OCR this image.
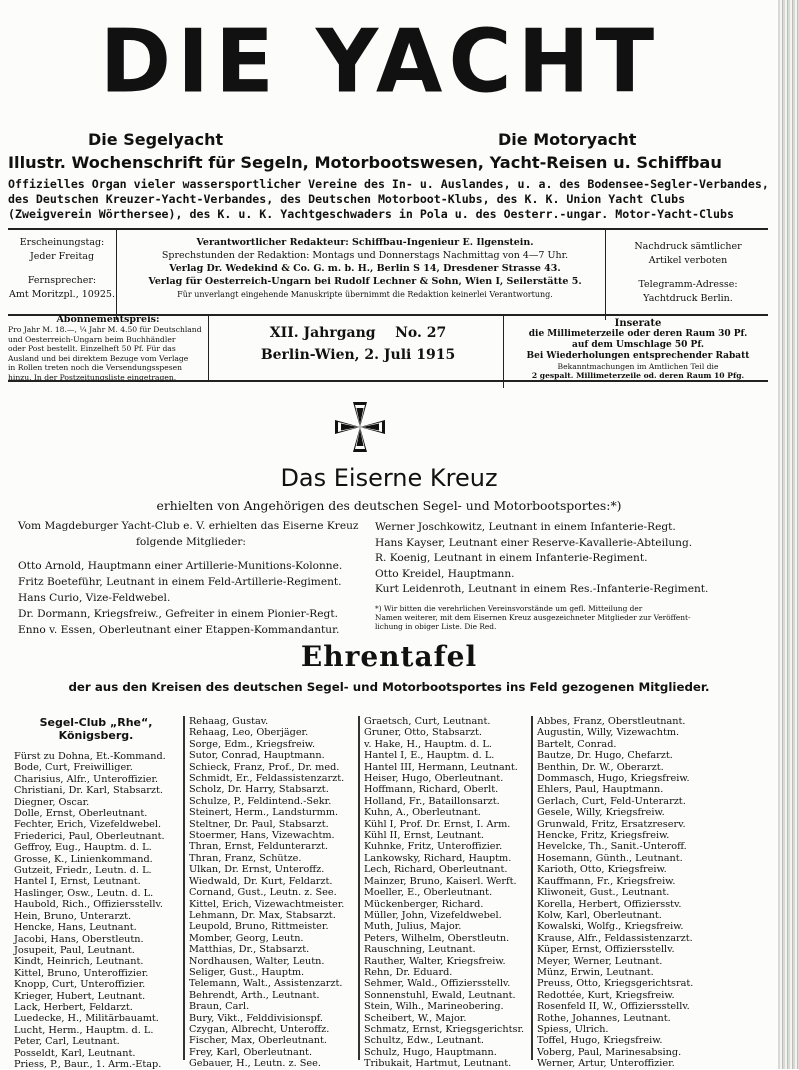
DIE YACHT
Die Segelyacht	Die Motoryacht
Illustr. Wochenschrift für Segeln, Motorbootswesen, Yacht-Reisen u. Schiffbau
Offizielles Organ vieler wassersportlicher Vereine des In- u. Auslandes, u. a. des Bodensee-Segler-Verbandes,
des Deutschen Kreuzer-Yacht-Verbandes, des Deutschen Motorboot-Klubs, des K. K. Union Yacht Clubs
(Zweigverein Wörthersee), des K. u. K. Yachtgeschwaders in Pola u. des Oesterr.-ungar. Motor-Yacht-Clubs
Erscheinungstag:
Jeder Freitag
Fernsprecher:
Amt Moritzpl., 10925.
Verantwortlicher Redakteur: Schiffbau-Ingenieur E. Ilgenstein.
Sprechstunden der Redaktion: Montags und Donnerstags Nachmittag von 4—7 Uhr.
Verlag Dr. Wedekind & Co. G. m. b. H., Berlin S 14, Dresdener Strasse 43.
Verlag für Oesterreich-Ungarn bei Rudolf Lechner & Sohn, Wien I, Seilerstätte 5.
Für unverlangt eingehende Manuskripte übernimmt die Redaktion keinerlei Verantwortung.
Nachdruck sämtlicher
Artikel verboten
Telegramm-Adresse:
Yachtdruck Berlin.
Abonnementspreis:
Pro Jahr M. 18.—, ¼ Jahr M. 4.50 für Deutschland
und Oesterreich-Ungarn beim Buchhändler
oder Post bestellt. Einzelheft 50 Pf. Für das
Ausland und bei direktem Bezuge vom Verlage
in Rollen treten noch die Versendungsspesen
hinzu. In der Postzeitungsliste eingetragen.
XII. Jahrgang No. 27
Berlin-Wien, 2. Juli 1915
Inserate
die Millimeterzeile oder deren Raum 30 Pf.
auf dem Umschlage 50 Pf.
Bei Wiederholungen entsprechender Rabatt
Bekanntmachungen im Amtlichen Teil die
2 gespalt. Millimeterzeile od. deren Raum 10 Pfg.
Das Eiserne Kreuz
erhielten von Angehörigen des deutschen Segel- und Motorbootsportes:*)
Vom Magdeburger Yacht-Club e. V. erhielten das Eiserne Kreuz
folgende Mitglieder:
Otto Arnold, Hauptmann einer Artillerie-Munitions-Kolonne.
Fritz Boeteführ, Leutnant in einem Feld-Artillerie-Regiment.
Hans Curio, Vize-Feldwebel.
Dr. Dormann, Kriegsfreiw., Gefreiter in einem Pionier-Regt.
Enno v. Essen, Oberleutnant einer Etappen-Kommandantur.
Werner Joschkowitz, Leutnant in einem Infanterie-Regt.
Hans Kayser, Leutnant einer Reserve-Kavallerie-Abteilung.
R. Koenig, Leutnant in einem Infanterie-Regiment.
Otto Kreidel, Hauptmann.
Kurt Leidenroth, Leutnant in einem Res.-Infanterie-Regiment.
*) Wir bitten die verehrlichen Vereinsvorstände um gefl. Mitteilung der
Namen weiterer, mit dem Eisernen Kreuz ausgezeichneter Mitglieder zur Veröffent-
lichung in obiger Liste. Die Red.
Ehrentafel
der aus den Kreisen des deutschen Segel- und Motorbootsportes ins Feld gezogenen Mitglieder.
Segel-Club „Rhe“,
Königsberg.
Fürst zu Dohna, Et.-Kommand.
Bode, Curt, Freiwilliger.
Charisius, Alfr., Unteroffizier.
Christiani, Dr. Karl, Stabsarzt.
Diegner, Oscar.
Dolle, Ernst, Oberleutnant.
Fechter, Erich, Vizefeldwebel.
Friederici, Paul, Oberleutnant.
Geffroy, Eug., Hauptm. d. L.
Grosse, K., Linienkommand.
Gutzeit, Friedr., Leutn. d. L.
Hantel I, Ernst, Leutnant.
Haslinger, Osw., Leutn. d. L.
Haubold, Rich., Offiziersstellv.
Hein, Bruno, Unterarzt.
Hencke, Hans, Leutnant.
Jacobi, Hans, Oberstleutn.
Josupeit, Paul, Leutnant.
Kindt, Heinrich, Leutnant.
Kittel, Bruno, Unteroffizier.
Knopp, Curt, Unteroffizier.
Krieger, Hubert, Leutnant.
Lack, Herbert, Feldarzt.
Luedecke, H., Militärbauamt.
Lucht, Herm., Hauptm. d. L.
Peter, Carl, Leutnant.
Posseldt, Karl, Leutnant.
Priess, P., Baur., 1. Arm.-Etap.
Rehaag, Gustav.
Rehaag, Leo, Oberjäger.
Sorge, Edm., Kriegsfreiw.
Sutor, Conrad, Hauptmann.
Schieck, Franz, Prof., Dr. med.
Schmidt, Er., Feldassistenzarzt.
Scholz, Dr. Harry, Stabsarzt.
Schulze, P., Feldintend.-Sekr.
Steinert, Herm., Landsturmm.
Steltner, Dr. Paul, Stabsarzt.
Stoermer, Hans, Vizewachtm.
Thran, Ernst, Feldunterarzt.
Thran, Franz, Schütze.
Ulkan, Dr. Ernst, Unteroffz.
Wiedwald, Dr. Kurt, Feldarzt.
Cornand, Gust., Leutn. z. See.
Kittel, Erich, Vizewachtmeister.
Lehmann, Dr. Max, Stabsarzt.
Leupold, Bruno, Rittmeister.
Momber, Georg, Leutn.
Matthias, Dr., Stabsarzt.
Nordhausen, Walter, Leutn.
Seliger, Gust., Hauptm.
Telemann, Walt., Assistenzarzt.
Behrendt, Arth., Leutnant.
Braun, Carl.
Bury, Vikt., Felddivisionspf.
Czygan, Albrecht, Unteroffz.
Fischer, Max, Oberleutnant.
Frey, Karl, Oberleutnant.
Gebauer, H., Leutn. z. See.
Graetsch, Curt, Leutnant.
Gruner, Otto, Stabsarzt.
v. Hake, H., Hauptm. d. L.
Hantel I, E., Hauptm. d. L.
Hantel III, Hermann, Leutnant.
Heiser, Hugo, Oberleutnant.
Hoffmann, Richard, Oberlt.
Holland, Fr., Bataillonsarzt.
Kuhn, A., Oberleutnant.
Kühl I, Prof. Dr. Ernst, I. Arm.
Kühl II, Ernst, Leutnant.
Kuhnke, Fritz, Unteroffizier.
Lankowsky, Richard, Hauptm.
Lech, Richard, Oberleutnant.
Mainzer, Bruno, Kaiserl. Werft.
Moeller, E., Oberleutnant.
Mückenberger, Richard.
Müller, John, Vizefeldwebel.
Muth, Julius, Major.
Peters, Wilhelm, Oberstleutn.
Rauschning, Leutnant.
Rauther, Walter, Kriegsfreiw.
Rehn, Dr. Eduard.
Sehmer, Wald., Offiziersstellv.
Sonnenstuhl, Ewald, Leutnant.
Stein, Wilh., Marineobering.
Scheibert, W., Major.
Schmatz, Ernst, Kriegsgerichtsr.
Schultz, Edw., Leutnant.
Schulz, Hugo, Hauptmann.
Tribukait, Hartmut, Leutnant.
Abbes, Franz, Oberstleutnant.
Augustin, Willy, Vizewachtm.
Bartelt, Conrad.
Bautze, Dr. Hugo, Chefarzt.
Benthin, Dr. W., Oberarzt.
Dommasch, Hugo, Kriegsfreiw.
Ehlers, Paul, Hauptmann.
Gerlach, Curt, Feld-Unterarzt.
Gesele, Willy, Kriegsfreiw.
Grunwald, Fritz, Ersatzreserv.
Hencke, Fritz, Kriegsfreiw.
Hevelcke, Th., Sanit.-Unteroff.
Hosemann, Günth., Leutnant.
Karioth, Otto, Kriegsfreiw.
Kauffmann, Fr., Kriegsfreiw.
Kliwoneit, Gust., Leutnant.
Korella, Herbert, Offiziersstv.
Kolw, Karl, Oberleutnant.
Kowalski, Wolfg., Kriegsfreiw.
Krause, Alfr., Feldassistenzarzt.
Küper, Ernst, Offiziersstellv.
Meyer, Werner, Leutnant.
Münz, Erwin, Leutnant.
Preuss, Otto, Kriegsgerichtsrat.
Redottée, Kurt, Kriegsfreiw.
Rosenfeld II, W., Offiziersstellv.
Rothe, Johannes, Leutnant.
Spiess, Ulrich.
Toffel, Hugo, Kriegsfreiw.
Voberg, Paul, Marinesabsing.
Werner, Artur, Unteroffizier.
